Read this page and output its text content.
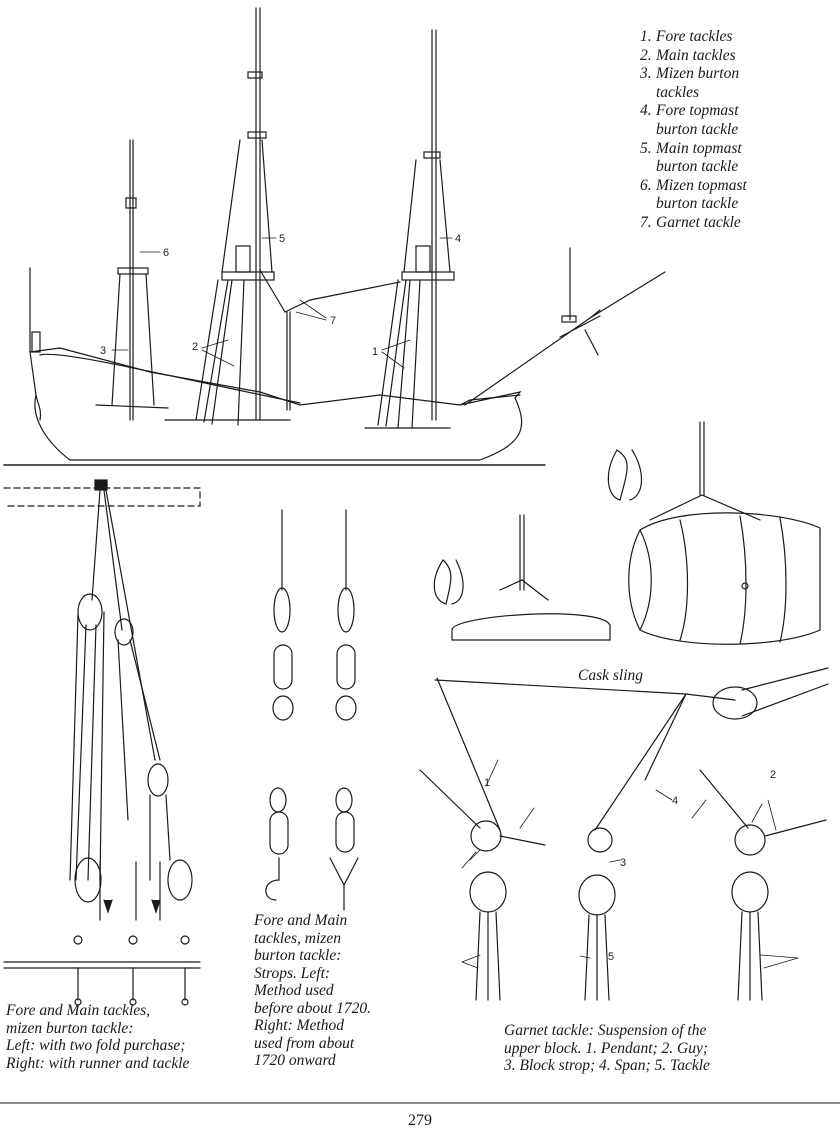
1
2
3
4
5
6
7
1
2
3
4
5
1. Fore tackles
2. Main tackles
3. Mizen burton
tackles
4. Fore topmast
burton tackle
5. Main topmast
burton tackle
6. Mizen topmast
burton tackle
7. Garnet tackle

Fore and Main tackles,
mizen burton tackle:
Left: with two fold purchase;
Right: with runner and tackle

Fore and Main
tackles, mizen
burton tackle:
Strops. Left:
Method used
before about 1720.
Right: Method
used from about
1720 onward

Cask sling

Garnet tackle: Suspension of the
upper block. 1. Pendant; 2. Guy;
3. Block strop; 4. Span; 5. Tackle

279
